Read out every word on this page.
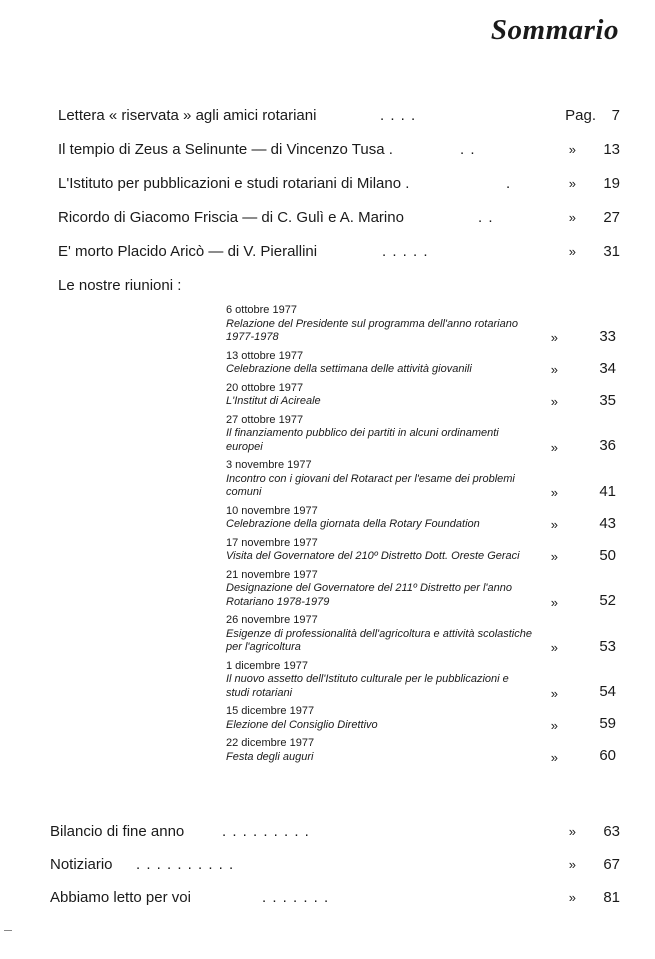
Sommario
Lettera « riservata » agli amici rotariani	. . . .	Pag. 7
Il tempio di Zeus a Selinunte — di Vincenzo Tusa .	. .	» 13
L'Istituto per pubblicazioni e studi rotariani di Milano .	.	» 19
Ricordo di Giacomo Friscia — di C. Gulì e A. Marino	. .	» 27
E' morto Placido Aricò — di V. Pierallini	. . . . .	» 31
Le nostre riunioni :
6 ottobre 1977
Relazione del Presidente sul programma dell'anno rotariano 1977-1978	»	33
13 ottobre 1977
Celebrazione della settimana delle attività giovanili	»	34
20 ottobre 1977
L'Institut di Acireale	»	35
27 ottobre 1977
Il finanziamento pubblico dei partiti in alcuni ordinamenti europei	»	36
3 novembre 1977
Incontro con i giovani del Rotaract per l'esame dei problemi comuni	»	41
10 novembre 1977
Celebrazione della giornata della Rotary Foundation	»	43
17 novembre 1977
Visita del Governatore del 210º Distretto Dott. Oreste Geraci	»	50
21 novembre 1977
Designazione del Governatore del 211º Distretto per l'anno Rotariano 1978-1979	»	52
26 novembre 1977
Esigenze di professionalità dell'agricoltura e attività scolastiche per l'agricoltura	»	53
1 dicembre 1977
Il nuovo assetto dell'Istituto culturale per le pubblicazioni e studi rotariani	»	54
15 dicembre 1977
Elezione del Consiglio Direttivo	»	59
22 dicembre 1977
Festa degli auguri	»	60
Bilancio di fine anno	. . . . . . . . .	» 63
Notiziario . . . . . . . . . .	» 67
Abbiamo letto per voi	. . . . . . .	» 81
